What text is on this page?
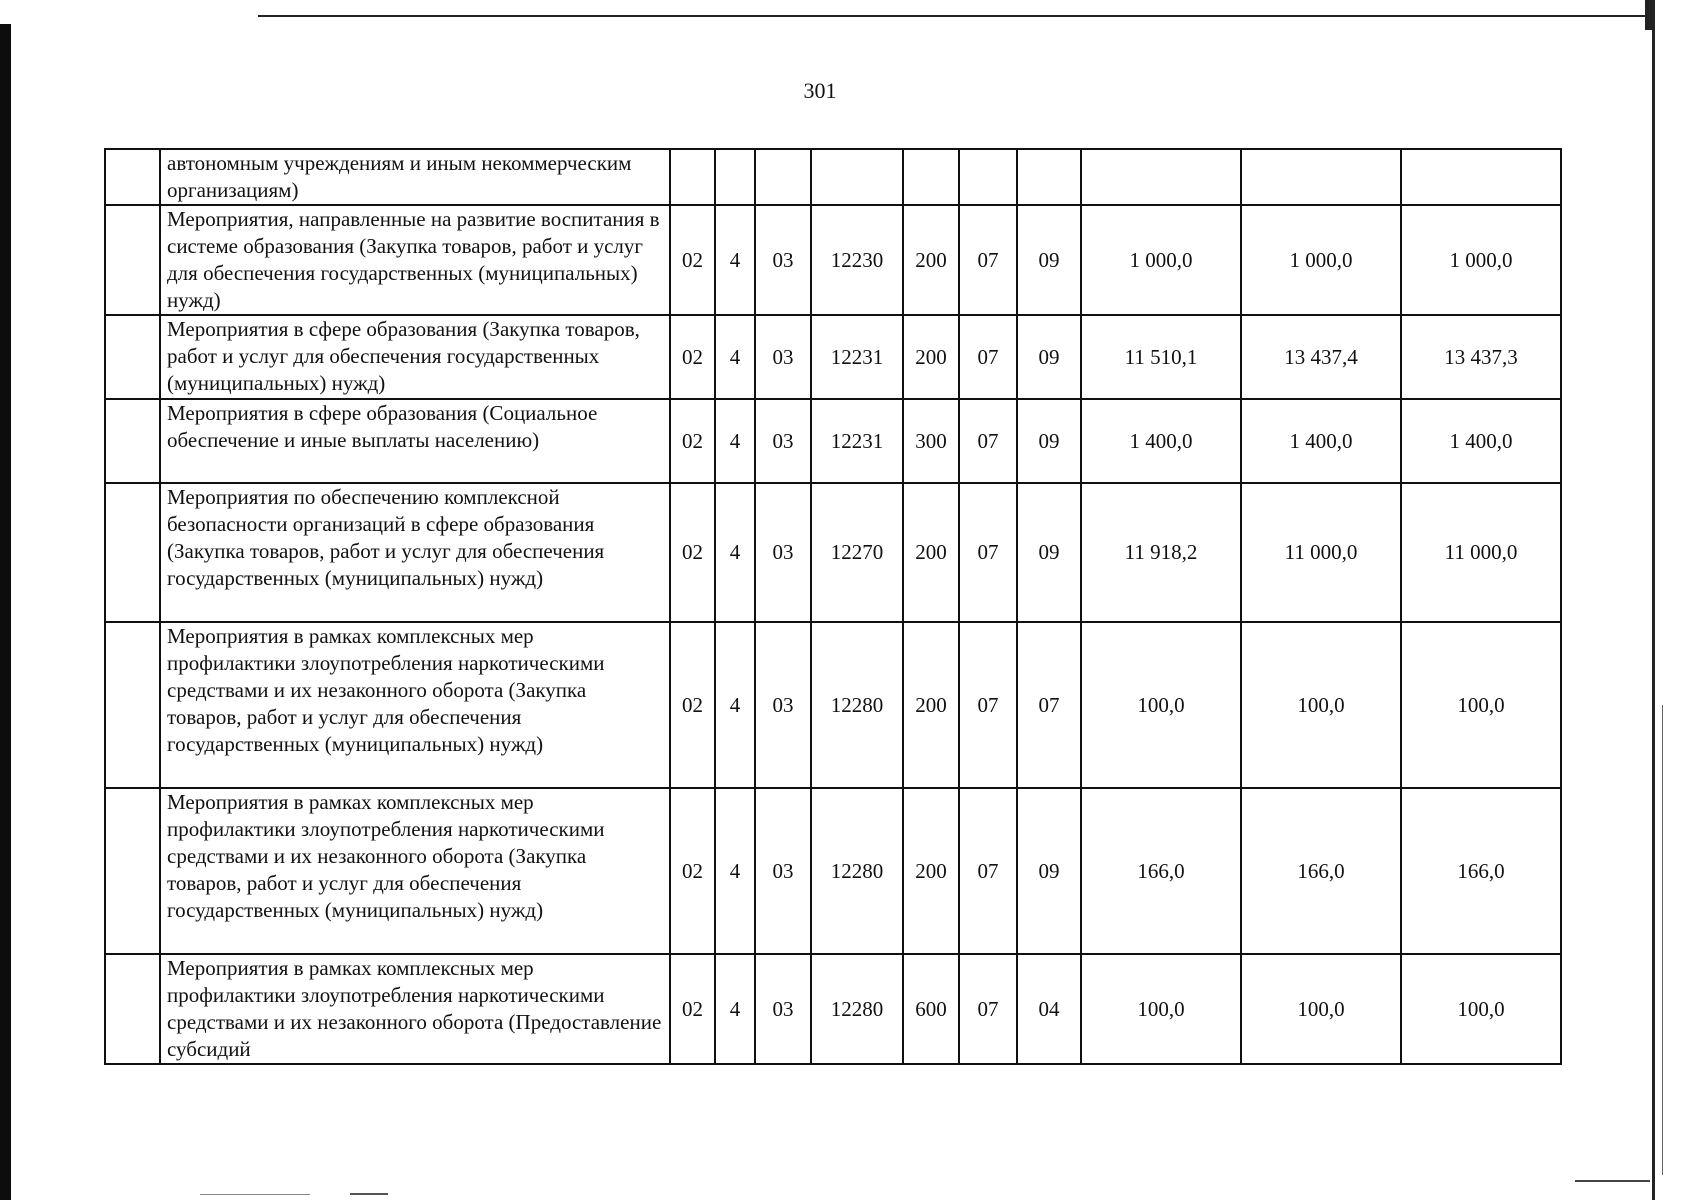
301
	автономным учреждениям и иным некоммерческим организациям)										
	Мероприятия, направленные на развитие воспитания в системе образования (Закупка товаров, работ и услуг для обеспечения государственных (муниципальных) нужд)	02	4	03	12230	200	07	09	1 000,0	1 000,0	1 000,0
	Мероприятия в сфере образования (Закупка товаров, работ и услуг для обеспечения государственных (муниципальных) нужд)	02	4	03	12231	200	07	09	11 510,1	13 437,4	13 437,3
	Мероприятия в сфере образования (Социальное обеспечение и иные выплаты населению)	02	4	03	12231	300	07	09	1 400,0	1 400,0	1 400,0
	Мероприятия по обеспечению комплексной безопасности организаций в сфере образования (Закупка товаров, работ и услуг для обеспечения государственных (муниципальных) нужд)	02	4	03	12270	200	07	09	11 918,2	11 000,0	11 000,0
	Мероприятия в рамках комплексных мер профилактики злоупотребления наркотическими средствами и их незаконного оборота (Закупка товаров, работ и услуг для обеспечения государственных (муниципальных) нужд)	02	4	03	12280	200	07	07	100,0	100,0	100,0
	Мероприятия в рамках комплексных мер профилактики злоупотребления наркотическими средствами и их незаконного оборота (Закупка товаров, работ и услуг для обеспечения государственных (муниципальных) нужд)	02	4	03	12280	200	07	09	166,0	166,0	166,0
	Мероприятия в рамках комплексных мер профилактики злоупотребления наркотическими средствами и их незаконного оборота (Предоставление субсидий	02	4	03	12280	600	07	04	100,0	100,0	100,0
